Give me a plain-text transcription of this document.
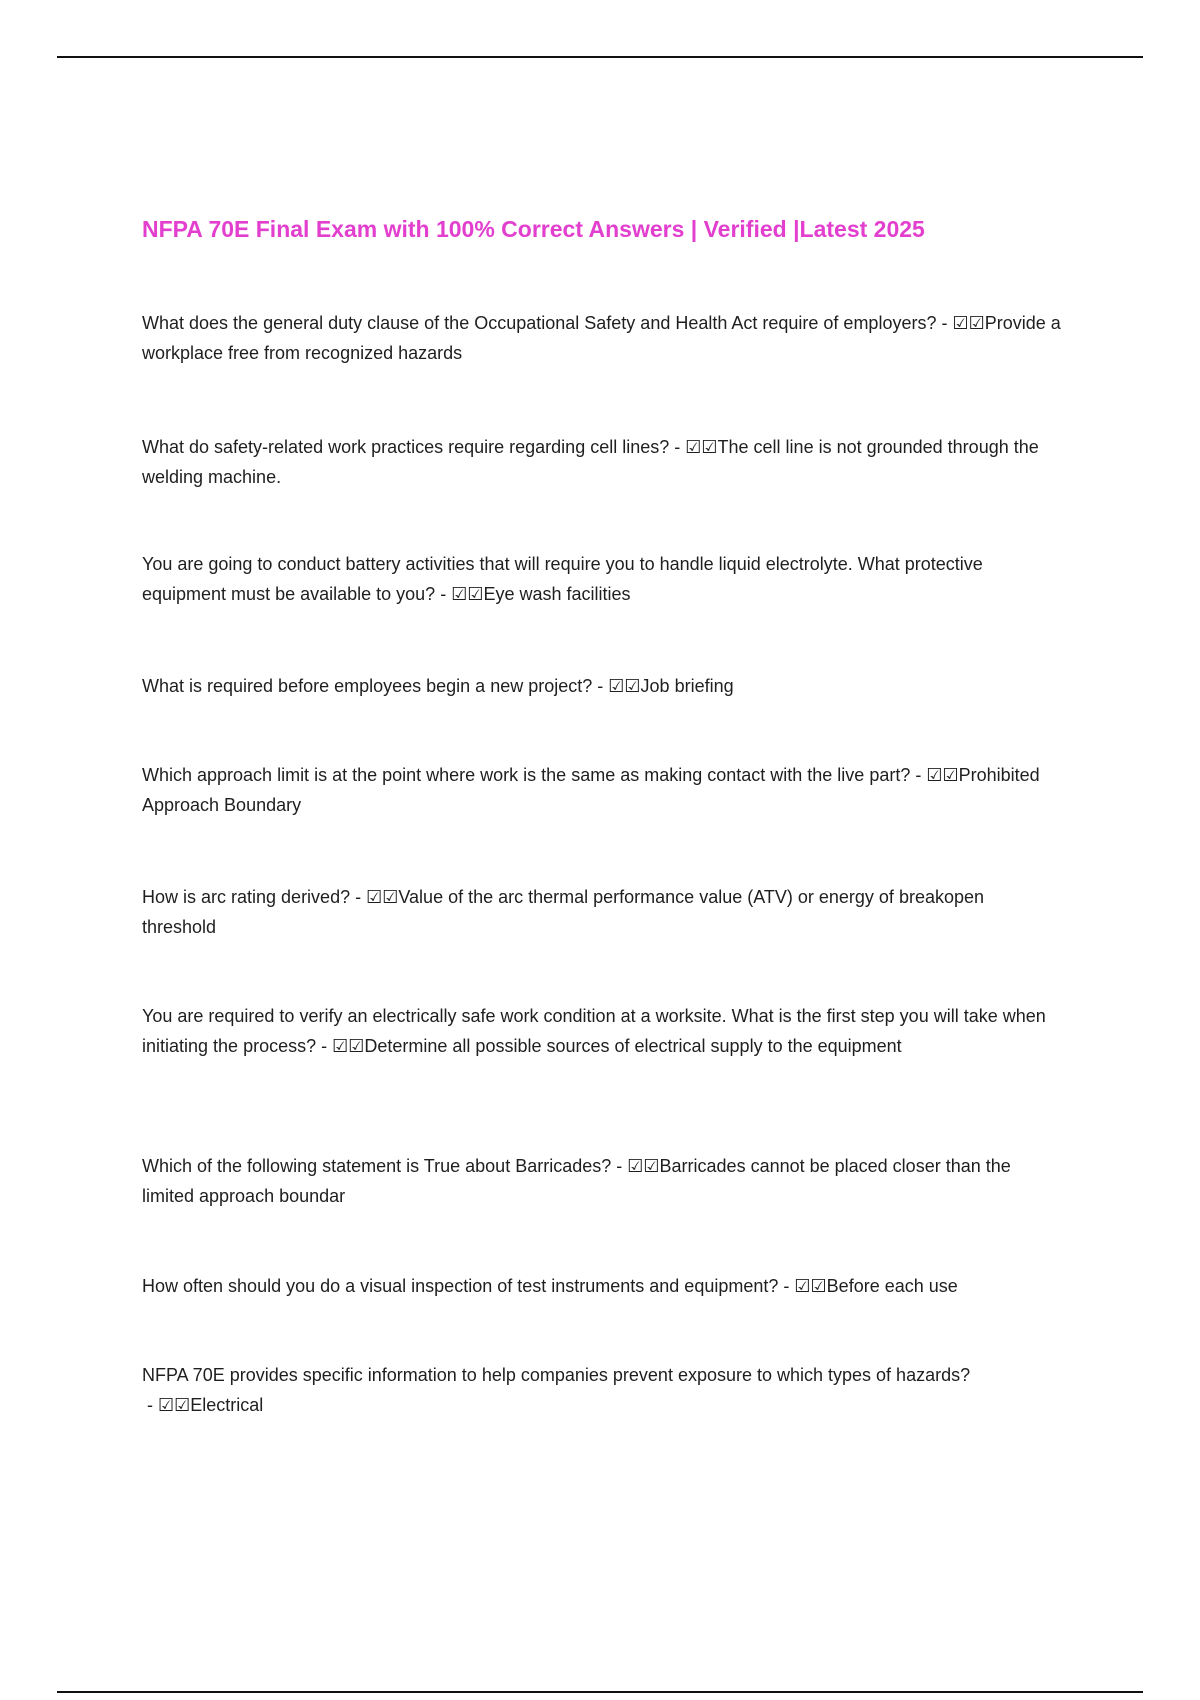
NFPA 70E Final Exam with 100% Correct Answers | Verified |Latest 2025

What does the general duty clause of the Occupational Safety and Health Act require of employers? - ☑☑Provide a workplace free from recognized hazards

What do safety-related work practices require regarding cell lines? - ☑☑The cell line is not grounded through the welding machine.

You are going to conduct battery activities that will require you to handle liquid electrolyte. What protective equipment must be available to you? - ☑☑Eye wash facilities

What is required before employees begin a new project? - ☑☑Job briefing

Which approach limit is at the point where work is the same as making contact with the live part? - ☑☑Prohibited Approach Boundary

How is arc rating derived? - ☑☑Value of the arc thermal performance value (ATV) or energy of breakopen threshold

You are required to verify an electrically safe work condition at a worksite. What is the first step you will take when initiating the process? - ☑☑Determine all possible sources of electrical supply to the equipment

Which of the following statement is True about Barricades? - ☑☑Barricades cannot be placed closer than the limited approach boundar

How often should you do a visual inspection of test instruments and equipment? - ☑☑Before each use

NFPA 70E provides specific information to help companies prevent exposure to which types of hazards? - ☑☑Electrical
